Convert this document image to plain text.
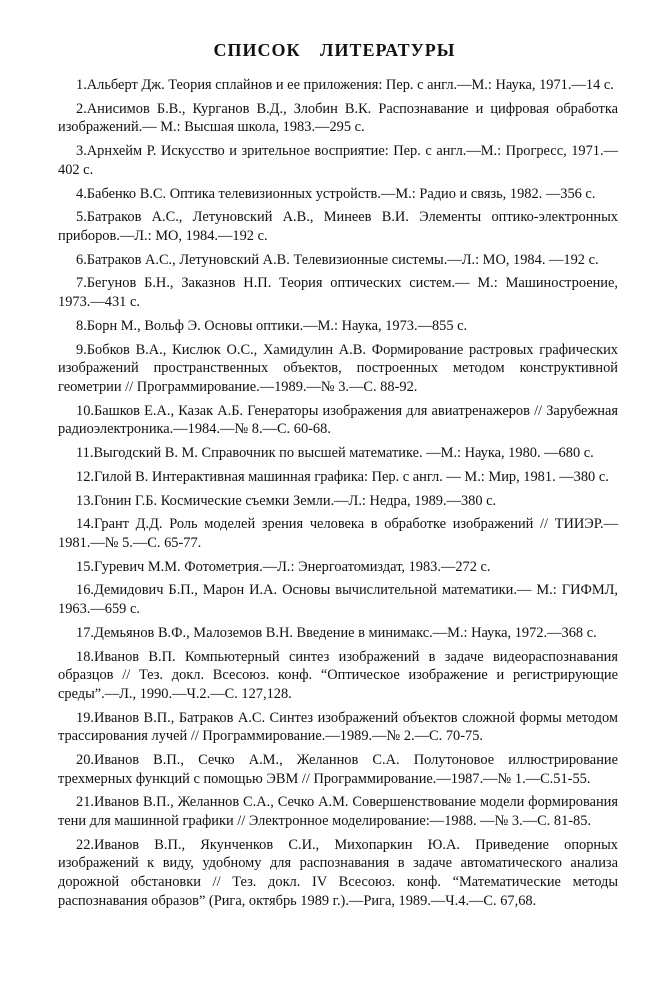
СПИСОК ЛИТЕРАТУРЫ

1.Альберт Дж. Теория сплайнов и ее приложения: Пер. с англ.—М.: Наука, 1971.—14 с.

2.Анисимов Б.В., Курганов В.Д., Злобин В.К. Распознавание и цифровая обработка изображений.— М.: Высшая школа, 1983.—295 с.

3.Арнхейм Р. Искусство и зрительное восприятие: Пер. с англ.—М.: Прогресс, 1971.—402 с.

4.Бабенко В.С. Оптика телевизионных устройств.—М.: Радио и связь, 1982. —356 с.

5.Батраков А.С., Летуновский А.В., Минеев В.И. Элементы оптико-электронных приборов.—Л.: МО, 1984.—192 с.

6.Батраков А.С., Летуновский А.В. Телевизионные системы.—Л.: МО, 1984. —192 с.

7.Бегунов Б.Н., Заказнов Н.П. Теория оптических систем.— М.: Машиностроение, 1973.—431 с.

8.Борн М., Вольф Э. Основы оптики.—М.: Наука, 1973.—855 с.

9.Бобков В.А., Кислюк О.С., Хамидулин А.В. Формирование растровых графических изображений пространственных объектов, построенных методом конструктивной геометрии // Программирование.—1989.—№ 3.—С. 88-92.

10.Башков Е.А., Казак А.Б. Генераторы изображения для авиатренажеров // Зарубежная радиоэлектроника.—1984.—№ 8.—С. 60-68.

11.Выгодский В. М. Справочник по высшей математике. —М.: Наука, 1980. —680 с.

12.Гилой В. Интерактивная машинная графика: Пер. с англ. — М.: Мир, 1981. —380 с.

13.Гонин Г.Б. Космические съемки Земли.—Л.: Недра, 1989.—380 с.

14.Грант Д.Д. Роль моделей зрения человека в обработке изображений // ТИИЭР.—1981.—№ 5.—С. 65-77.

15.Гуревич М.М. Фотометрия.—Л.: Энергоатомиздат, 1983.—272 с.

16.Демидович Б.П., Марон И.А. Основы вычислительной математики.— М.: ГИФМЛ, 1963.—659 с.

17.Демьянов В.Ф., Малоземов В.Н. Введение в минимакс.—М.: Наука, 1972.—368 с.

18.Иванов В.П. Компьютерный синтез изображений в задаче видеораспознавания образцов // Тез. докл. Всесоюз. конф. “Оптическое изображение и регистрирующие среды”.—Л., 1990.—Ч.2.—С. 127,128.

19.Иванов В.П., Батраков А.С. Синтез изображений объектов сложной формы методом трассирования лучей // Программирование.—1989.—№ 2.—С. 70-75.

20.Иванов В.П., Сечко А.М., Желаннов С.А. Полутоновое иллюстрирование трехмерных функций с помощью ЭВМ // Программирование.—1987.—№ 1.—С.51-55.

21.Иванов В.П., Желаннов С.А., Сечко А.М. Совершенствование модели формирования тени для машинной графики // Электронное моделирование:—1988. —№ 3.—С. 81-85.

22.Иванов В.П., Якунченков С.И., Михопаркин Ю.А. Приведение опорных изображений к виду, удобному для распознавания в задаче автоматического анализа дорожной обстановки // Тез. докл. IV Всесоюз. конф. “Математические методы распознавания образов” (Рига, октябрь 1989 г.).—Рига, 1989.—Ч.4.—С. 67,68.
